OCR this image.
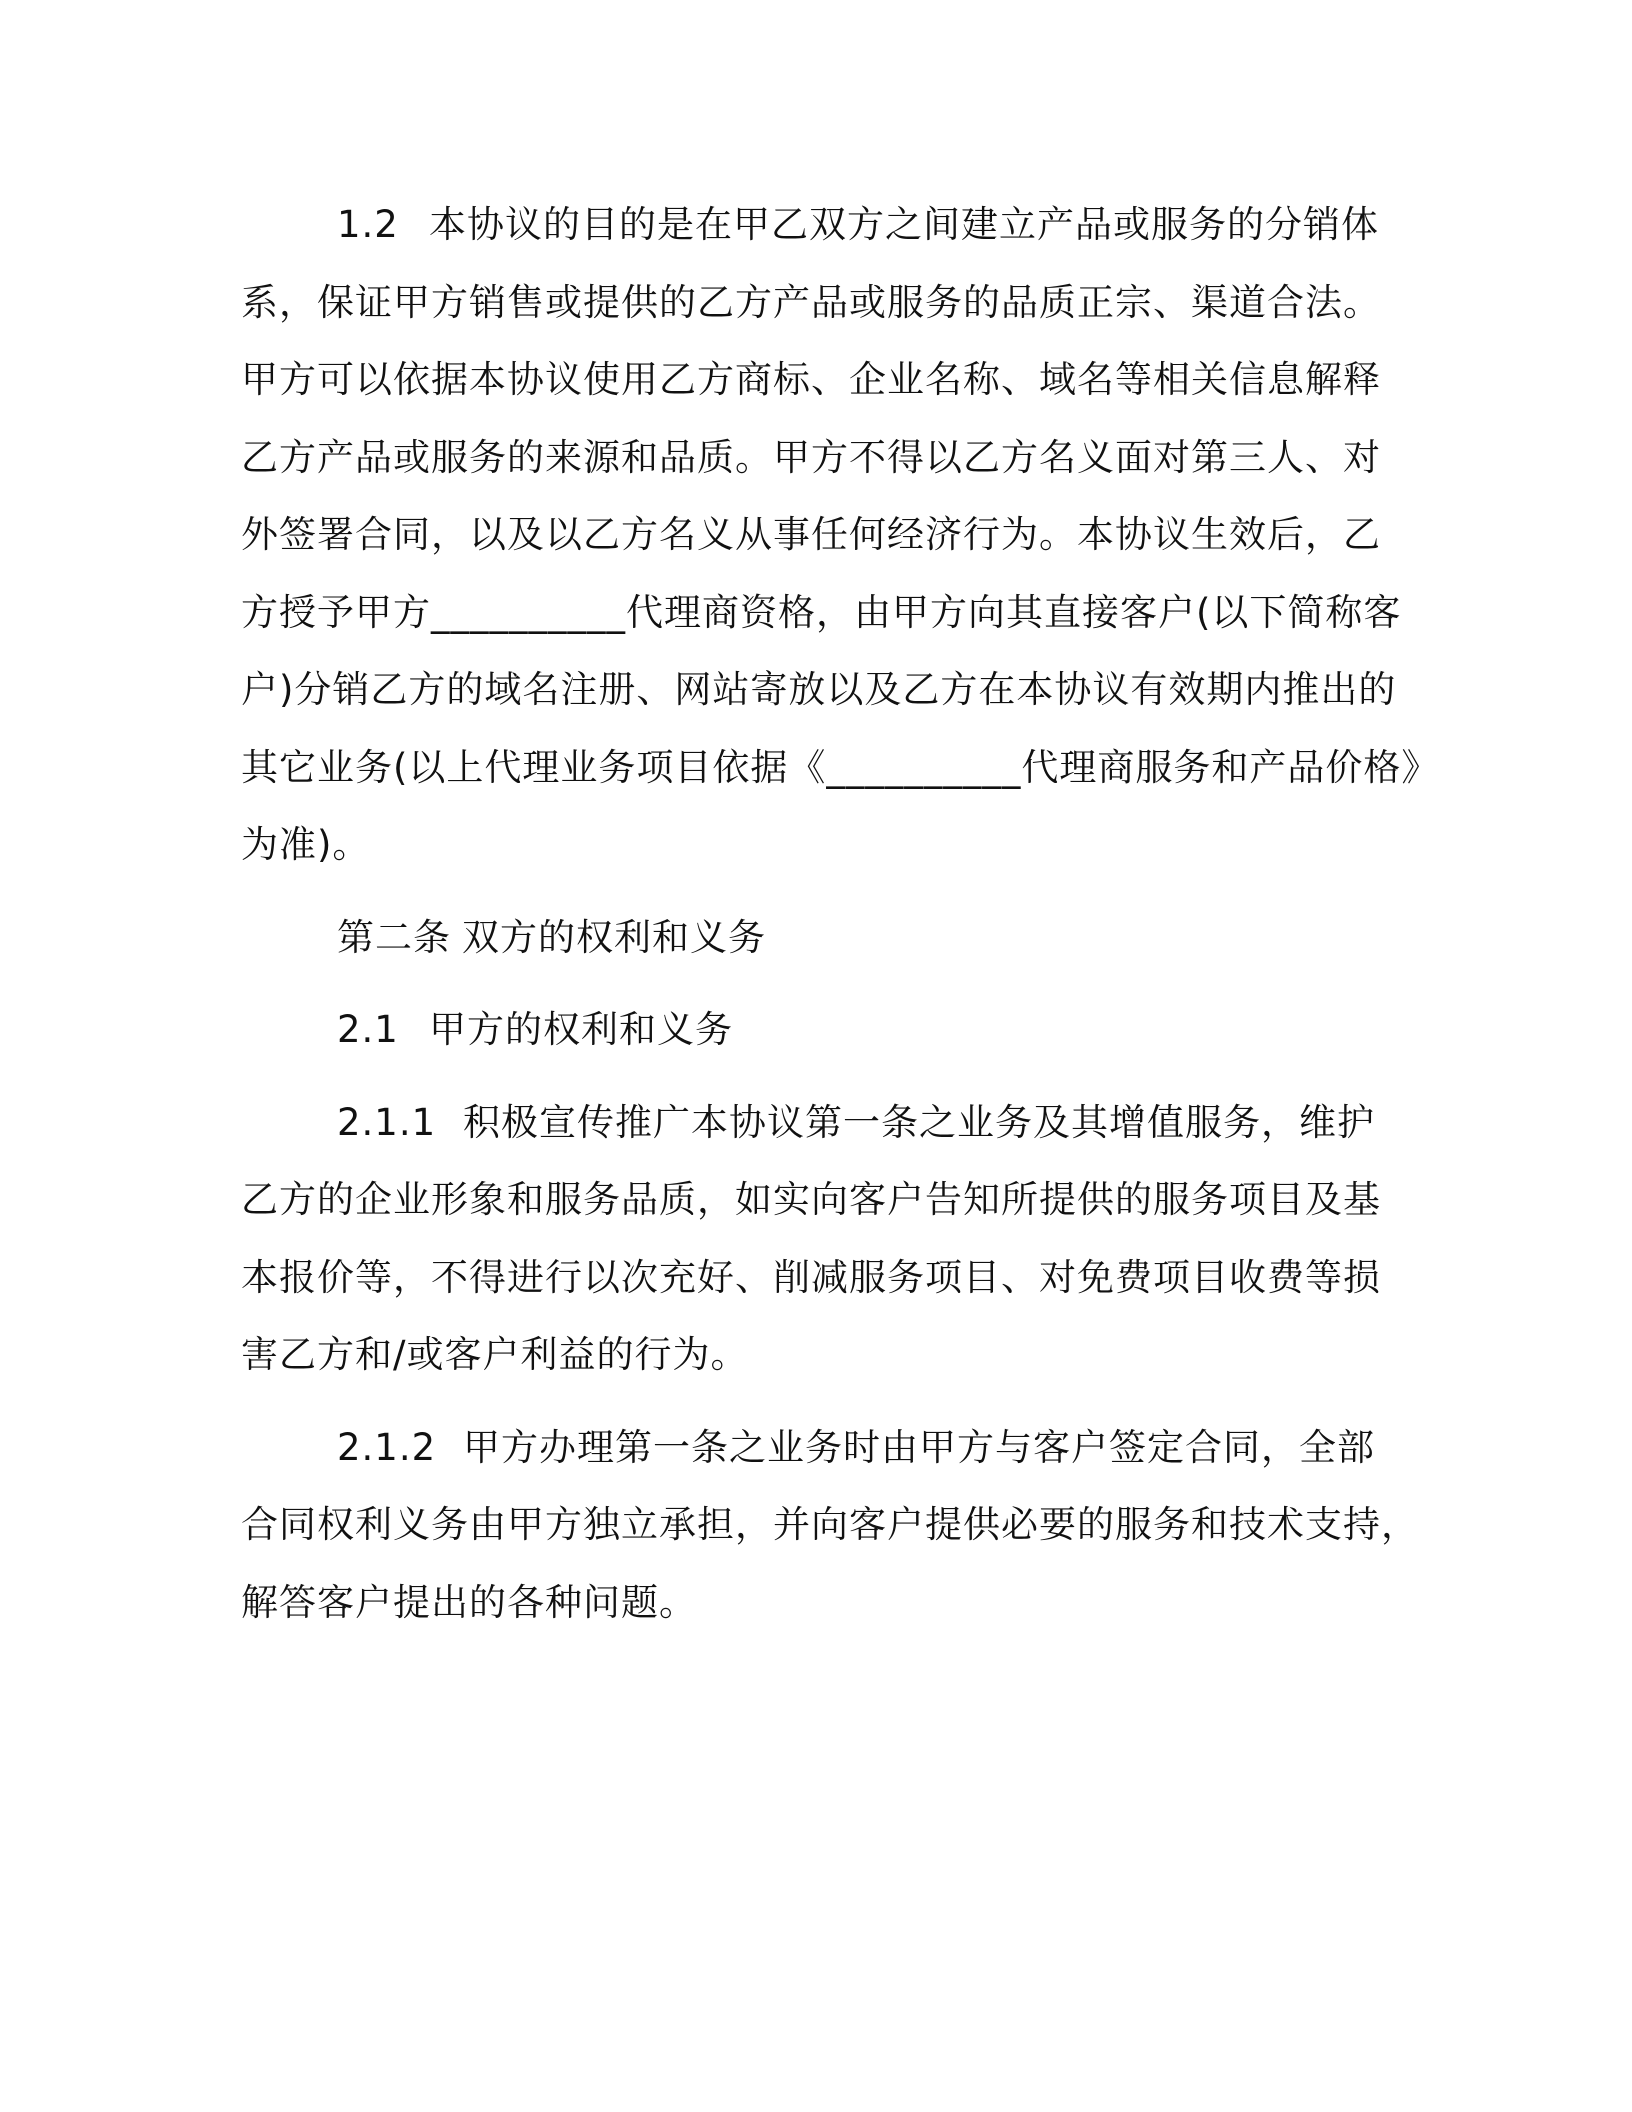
1.2 本协议的目的是在甲乙双方之间建立产品或服务的分销体
系，保证甲方销售或提供的乙方产品或服务的品质正宗、渠道合法。
甲方可以依据本协议使用乙方商标、企业名称、域名等相关信息解释
乙方产品或服务的来源和品质。甲方不得以乙方名义面对第三人、对
外签署合同，以及以乙方名义从事任何经济行为。本协议生效后，乙
方授予甲方__________代理商资格，由甲方向其直接客户(以下简称客
户)分销乙方的域名注册、网站寄放以及乙方在本协议有效期内推出的
其它业务(以上代理业务项目依据《__________代理商服务和产品价格》
为准)。

第二条 双方的权利和义务

2.1 甲方的权利和义务

2.1.1 积极宣传推广本协议第一条之业务及其增值服务，维护
乙方的企业形象和服务品质，如实向客户告知所提供的服务项目及基
本报价等，不得进行以次充好、削减服务项目、对免费项目收费等损
害乙方和/或客户利益的行为。

2.1.2 甲方办理第一条之业务时由甲方与客户签定合同，全部
合同权利义务由甲方独立承担，并向客户提供必要的服务和技术支持，
解答客户提出的各种问题。
